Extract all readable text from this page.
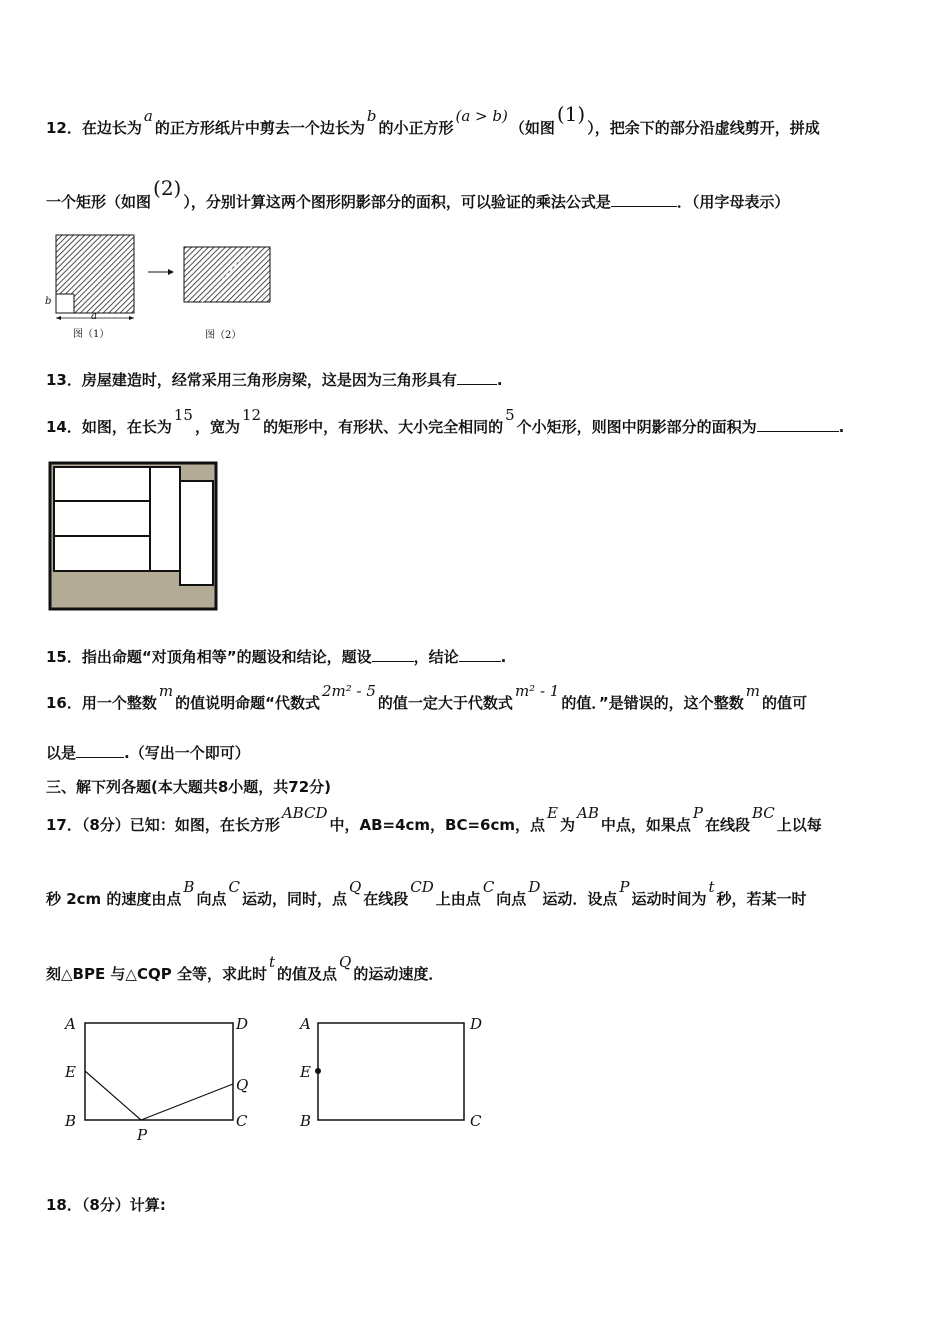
12．在边长为a的正方形纸片中剪去一个边长为b的小正方形(a > b)（如图(1)），把余下的部分沿虚线剪开，拼成
一个矩形（如图(2)），分别计算这两个图形阴影部分的面积，可以验证的乘法公式是	．（用字母表示）
a
b
图（1）	图（2）
13．房屋建造时，经常采用三角形房梁，这是因为三角形具有	.
14．如图，在长为15，宽为12的矩形中，有形状、大小完全相同的5个小矩形，则图中阴影部分的面积为	.
15．指出命题“对顶角相等”的题设和结论，题设	，结论	.
16．用一个整数m的值说明命题“代数式2m² - 5的值一定大于代数式m² - 1的值．”是错误的，这个整数m的值可
以是	.（写出一个即可）
三、解下列各题(本大题共8小题，共72分)
17．（8分）已知：如图，在长方形ABCD中，AB=4cm，BC=6cm，点E为AB中点，如果点P在线段BC上以每
秒 2cm 的速度由点B向点C运动，同时，点Q在线段CD上由点C向点D运动．设点P运动时间为t秒，若某一时
刻△BPE 与△CQP 全等，求此时t的值及点Q的运动速度．
A	D
E
Q
B
P
C
A	D
E
B	C
18．（8分）计算:
